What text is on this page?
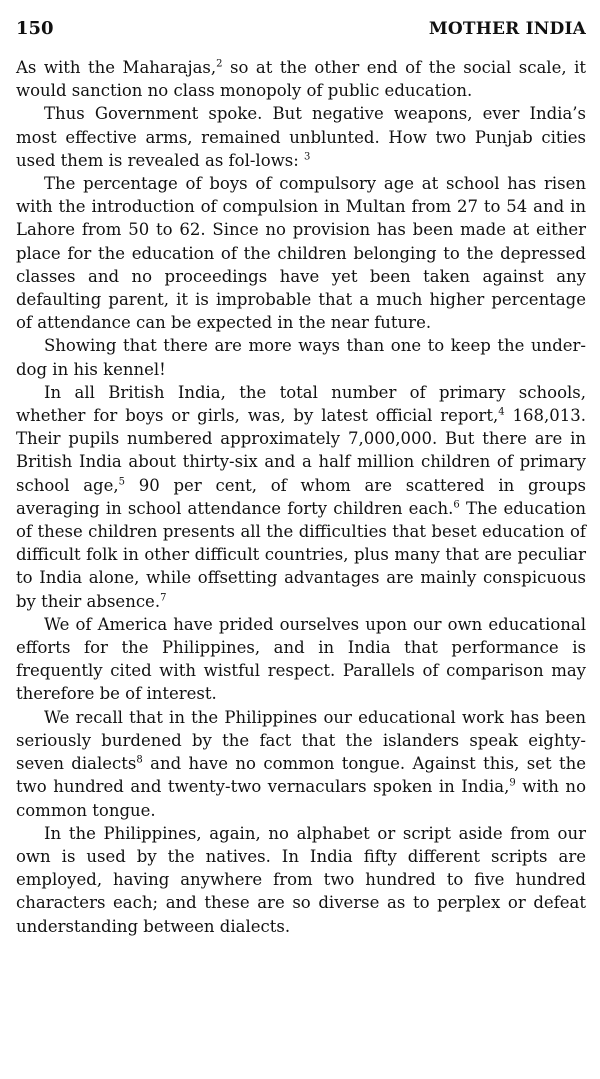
150	MOTHER INDIA

As with the Maharajas,$^2$ so at the other end of the social scale, it would sanction no class monopoly of public education.

Thus Government spoke. But negative weapons, ever India’s most effective arms, remained unblunted. How two Punjab cities used them is revealed as fol-lows: $^3$

The percentage of boys of compulsory age at school has risen with the introduction of compulsion in Multan from 27 to 54 and in Lahore from 50 to 62. Since no provision has been made at either place for the education of the children belonging to the depressed classes and no proceedings have yet been taken against any defaulting parent, it is improbable that a much higher percentage of attendance can be expected in the near future.

Showing that there are more ways than one to keep the under-dog in his kennel!

In all British India, the total number of primary schools, whether for boys or girls, was, by latest official report,$^4$ 168,013. Their pupils numbered approximately 7,000,000. But there are in British India about thirty-six and a half million children of primary school age,$^5$ 90 per cent, of whom are scattered in groups averaging in school attendance forty children each.$^6$ The education of these children presents all the difficulties that beset education of difficult folk in other difficult countries, plus many that are peculiar to India alone, while offsetting advantages are mainly conspicuous by their absence.$^7$

We of America have prided ourselves upon our own educational efforts for the Philippines, and in India that performance is frequently cited with wistful respect. Parallels of comparison may therefore be of interest.

We recall that in the Philippines our educational work has been seriously burdened by the fact that the islanders speak eighty-seven dialects$^8$ and have no common tongue. Against this, set the two hundred and twenty-two vernaculars spoken in India,$^9$ with no common tongue.

In the Philippines, again, no alphabet or script aside from our own is used by the natives. In India fifty different scripts are employed, having anywhere from two hundred to five hundred characters each; and these are so diverse as to perplex or defeat understanding between dialects.
